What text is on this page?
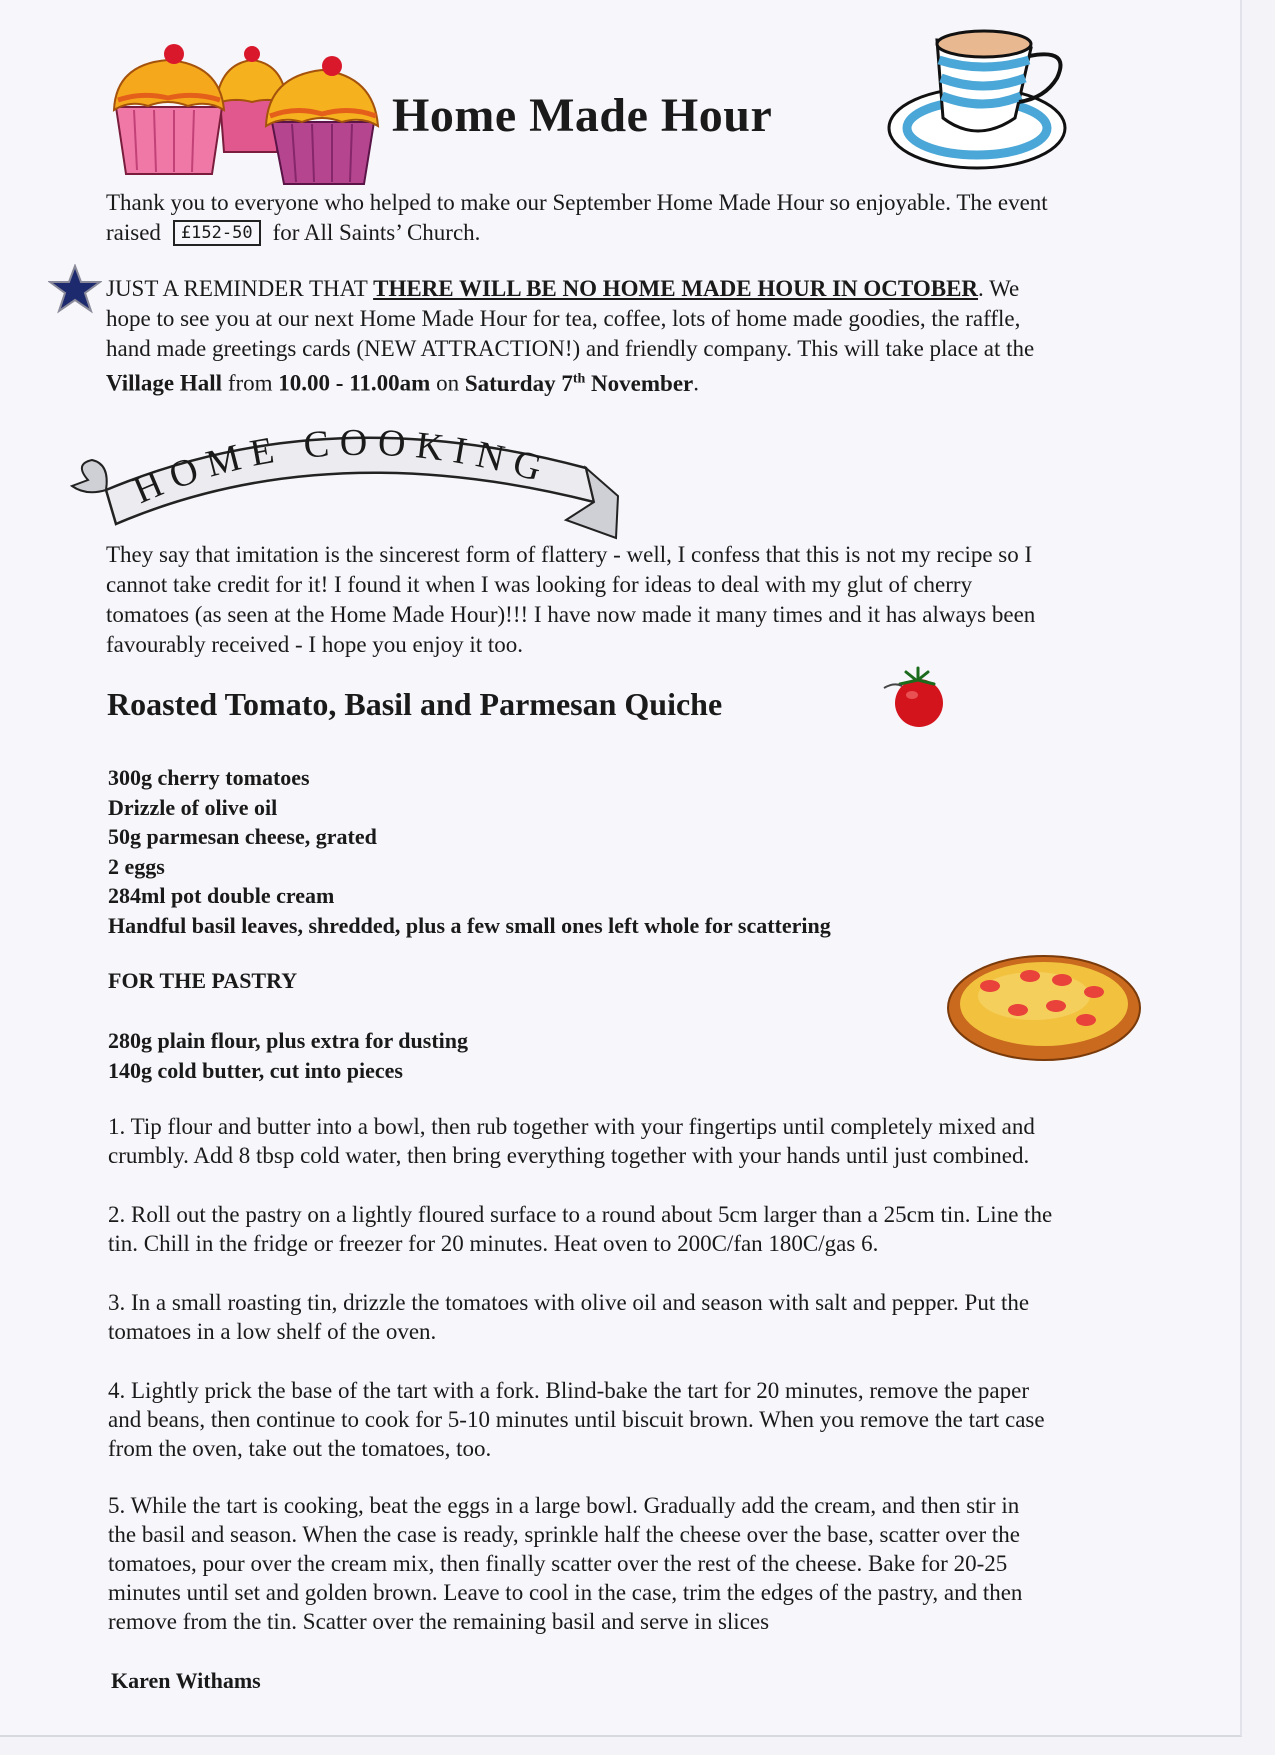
Home Made Hour
Thank you to everyone who helped to make our September Home Made Hour so enjoyable. The event
raised £152-50 for All Saints’ Church.
JUST A REMINDER THAT THERE WILL BE NO HOME MADE HOUR IN OCTOBER. We
hope to see you at our next Home Made Hour for tea, coffee, lots of home made goodies, the raffle,
hand made greetings cards (NEW ATTRACTION!) and friendly company. This will take place at the
Village Hall from 10.00 - 11.00am on Saturday 7th November.
HOME COOKING
They say that imitation is the sincerest form of flattery - well, I confess that this is not my recipe so I
cannot take credit for it! I found it when I was looking for ideas to deal with my glut of cherry
tomatoes (as seen at the Home Made Hour)!!! I have now made it many times and it has always been
favourably received - I hope you enjoy it too.
Roasted Tomato, Basil and Parmesan Quiche
300g cherry tomatoes
Drizzle of olive oil
50g parmesan cheese, grated
2 eggs
284ml pot double cream
Handful basil leaves, shredded, plus a few small ones left whole for scattering
FOR THE PASTRY
280g plain flour, plus extra for dusting
140g cold butter, cut into pieces
1. Tip flour and butter into a bowl, then rub together with your fingertips until completely mixed and
crumbly. Add 8 tbsp cold water, then bring everything together with your hands until just combined.
2. Roll out the pastry on a lightly floured surface to a round about 5cm larger than a 25cm tin. Line the
tin. Chill in the fridge or freezer for 20 minutes. Heat oven to 200C/fan 180C/gas 6.
3. In a small roasting tin, drizzle the tomatoes with olive oil and season with salt and pepper. Put the
tomatoes in a low shelf of the oven.
4. Lightly prick the base of the tart with a fork. Blind-bake the tart for 20 minutes, remove the paper
and beans, then continue to cook for 5-10 minutes until biscuit brown. When you remove the tart case
from the oven, take out the tomatoes, too.
5. While the tart is cooking, beat the eggs in a large bowl. Gradually add the cream, and then stir in
the basil and season. When the case is ready, sprinkle half the cheese over the base, scatter over the
tomatoes, pour over the cream mix, then finally scatter over the rest of the cheese. Bake for 20-25
minutes until set and golden brown. Leave to cool in the case, trim the edges of the pastry, and then
remove from the tin. Scatter over the remaining basil and serve in slices
Karen Withams
